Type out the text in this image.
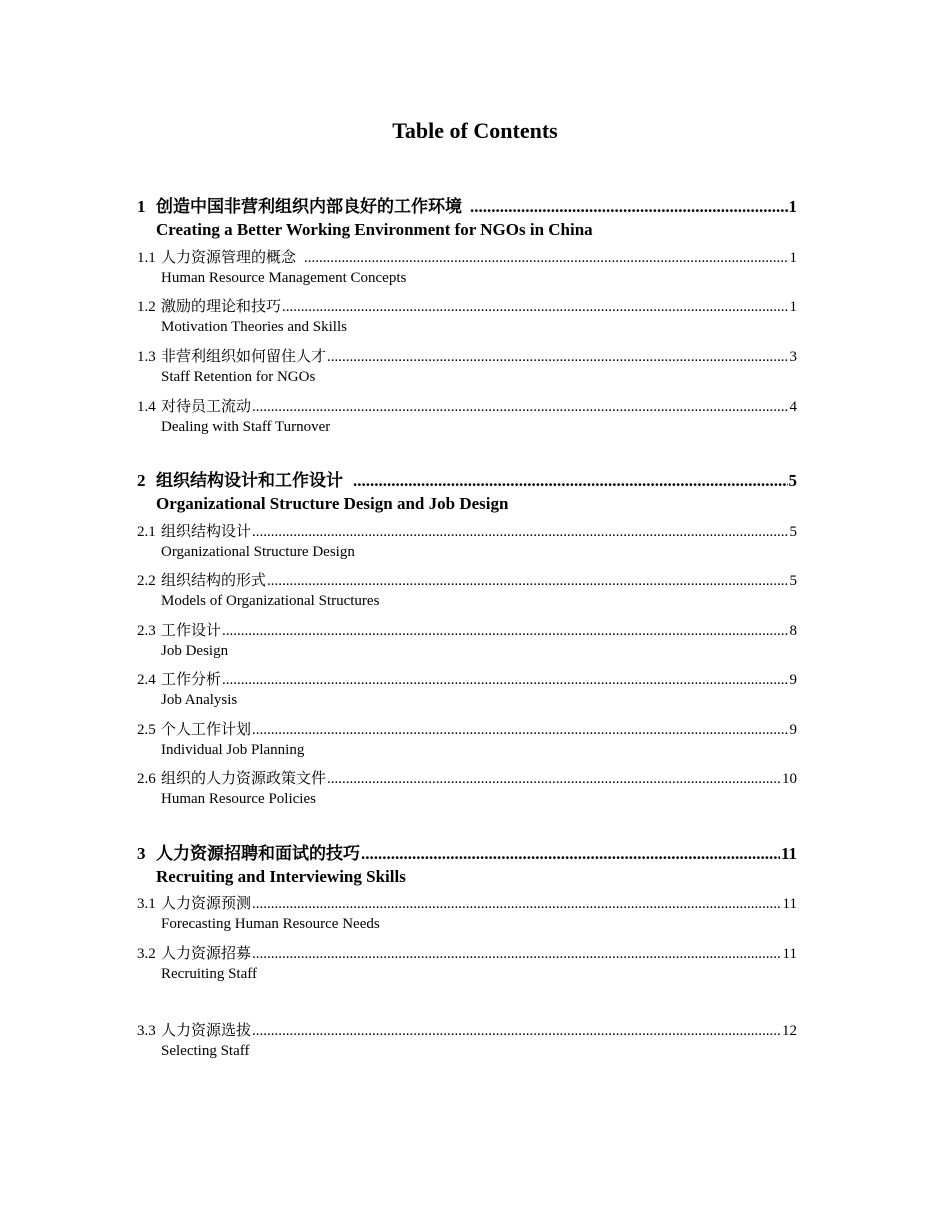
Table of Contents
1 创造中国非营利组织内部良好的工作环境 .....	1
Creating a Better Working Environment for NGOs in China
1.1 人力资源管理的概念 .....	1
Human Resource Management Concepts
1.2 激励的理论和技巧 .....	1
Motivation Theories and Skills
1.3 非营利组织如何留住人才 .....	3
Staff Retention for NGOs
1.4 对待员工流动 .....	4
Dealing with Staff Turnover
2 组织结构设计和工作设计 .....	5
Organizational Structure Design and Job Design
2.1 组织结构设计 .....	5
Organizational Structure Design
2.2 组织结构的形式 .....	5
Models of Organizational Structures
2.3 工作设计 .....	8
Job Design
2.4 工作分析 .....	9
Job Analysis
2.5 个人工作计划 .....	9
Individual Job Planning
2.6 组织的人力资源政策文件 .....	10
Human Resource Policies
3 人力资源招聘和面试的技巧 .....	11
Recruiting and Interviewing Skills
3.1 人力资源预测 .....	11
Forecasting Human Resource Needs
3.2 人力资源招募 .....	11
Recruiting Staff
3.3 人力资源选拔 .....	12
Selecting Staff
